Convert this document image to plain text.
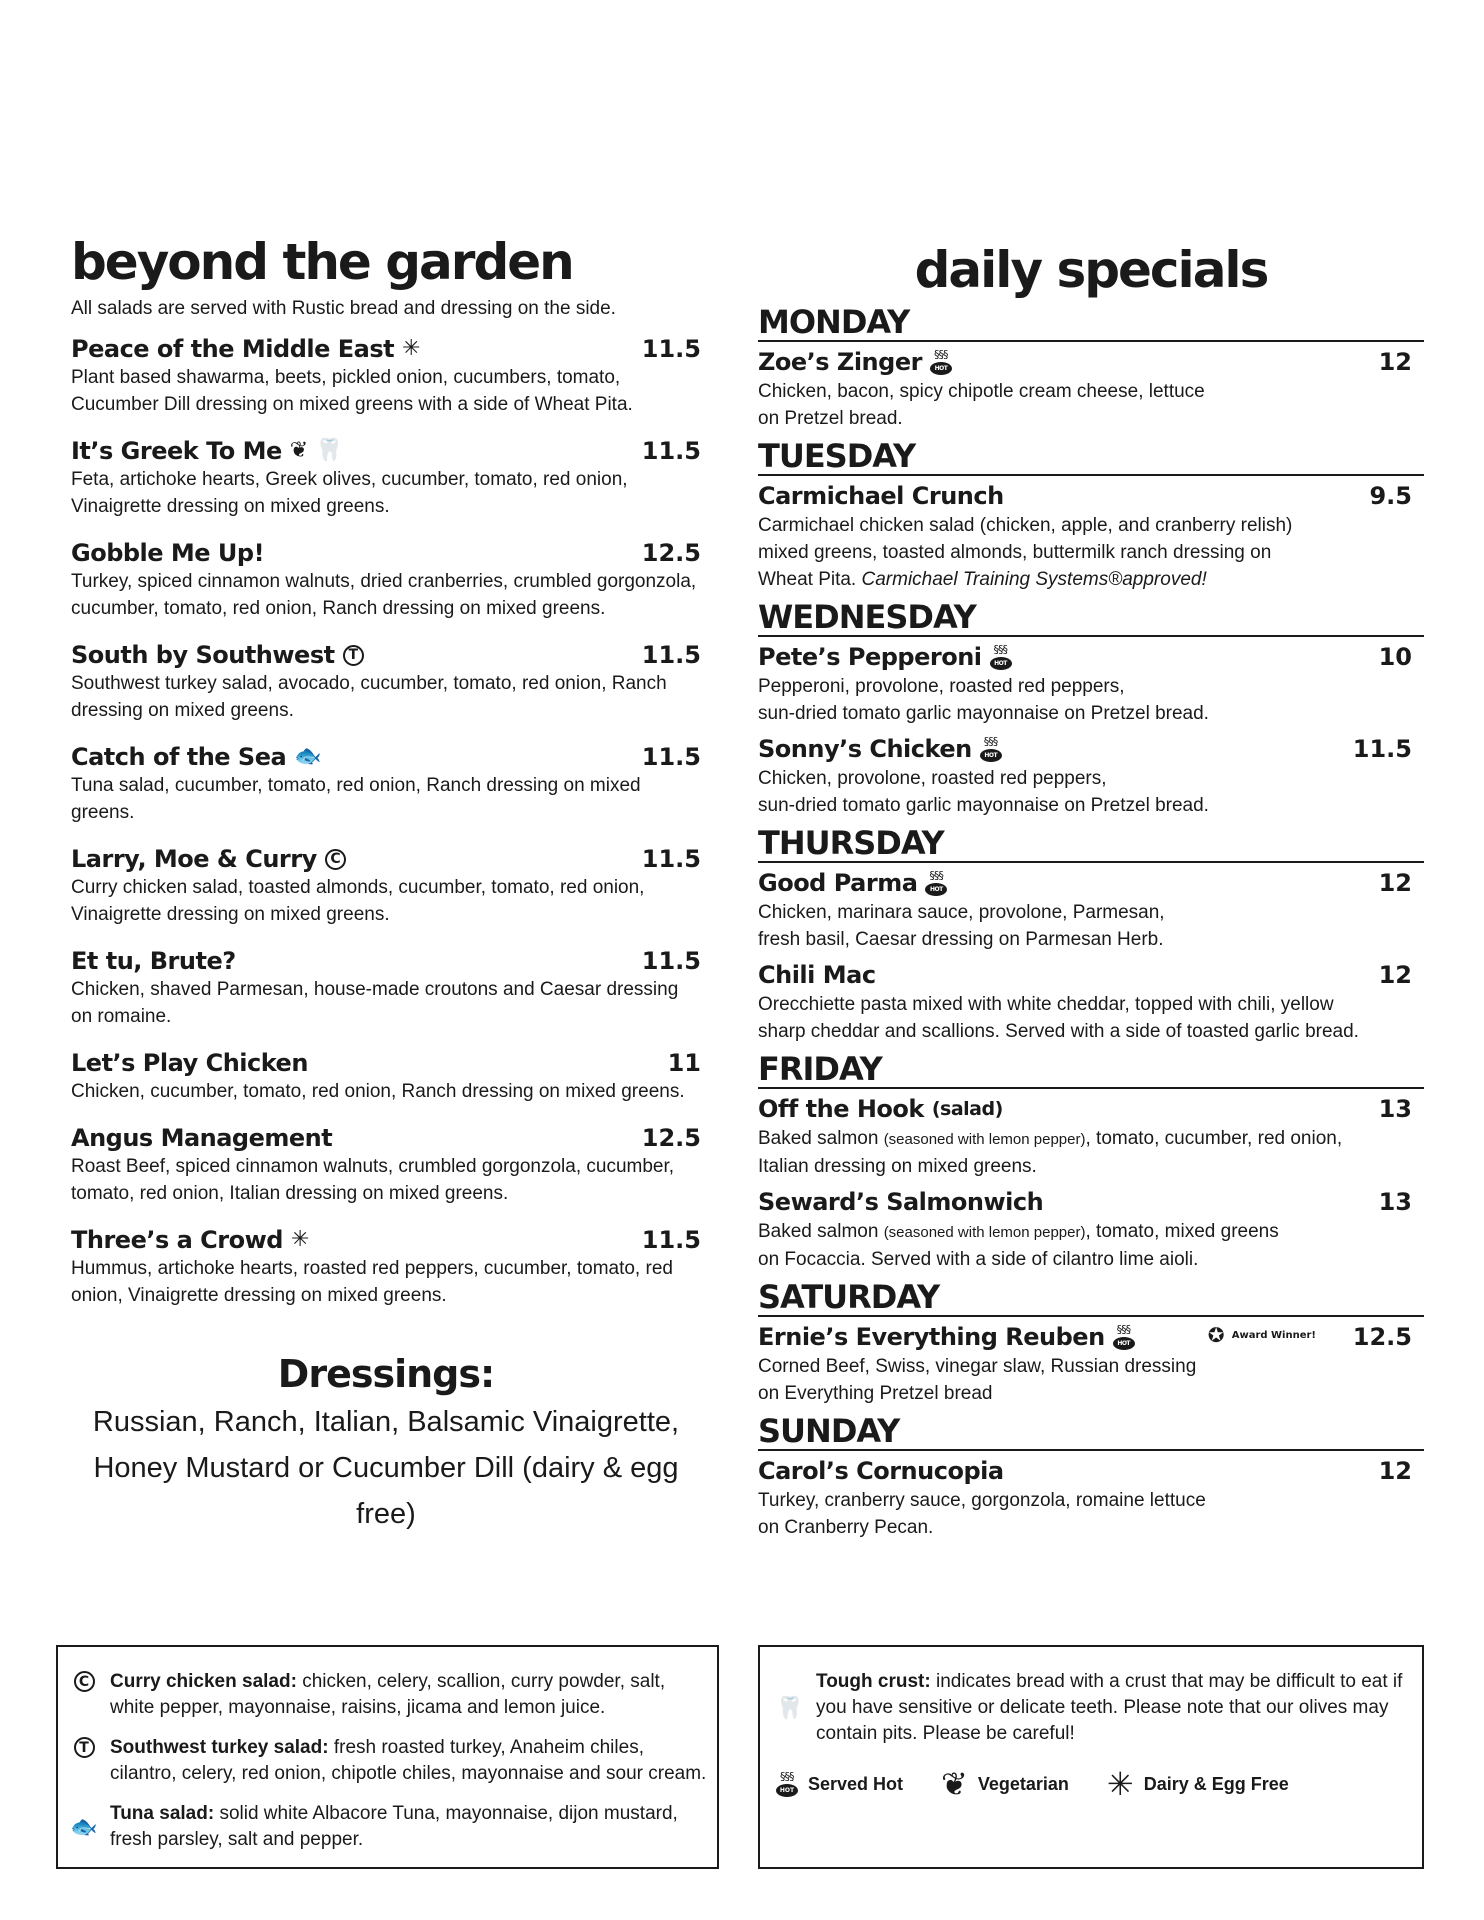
beyond the garden
All salads are served with Rustic bread and dressing on the side.
Peace of the Middle East ✳	11.5
Plant based shawarma, beets, pickled onion, cucumbers, tomato, Cucumber Dill dressing on mixed greens with a side of Wheat Pita.
It’s Greek To Me ❦ 🦷	11.5
Feta, artichoke hearts, Greek olives, cucumber, tomato, red onion, Vinaigrette dressing on mixed greens.
Gobble Me Up!	12.5
Turkey, spiced cinnamon walnuts, dried cranberries, crumbled gorgonzola, cucumber, tomato, red onion, Ranch dressing on mixed greens.
South by Southwest T	11.5
Southwest turkey salad, avocado, cucumber, tomato, red onion, Ranch dressing on mixed greens.
Catch of the Sea 🐟	11.5
Tuna salad, cucumber, tomato, red onion, Ranch dressing on mixed greens.
Larry, Moe & Curry C	11.5
Curry chicken salad, toasted almonds, cucumber, tomato, red onion, Vinaigrette dressing on mixed greens.
Et tu, Brute?	11.5
Chicken, shaved Parmesan, house-made croutons and Caesar dressing on romaine.
Let’s Play Chicken	11
Chicken, cucumber, tomato, red onion, Ranch dressing on mixed greens.
Angus Management	12.5
Roast Beef, spiced cinnamon walnuts, crumbled gorgonzola, cucumber, tomato, red onion, Italian dressing on mixed greens.
Three’s a Crowd ✳	11.5
Hummus, artichoke hearts, roasted red peppers, cucumber, tomato, red onion, Vinaigrette dressing on mixed greens.
Dressings:
Russian, Ranch, Italian, Balsamic Vinaigrette,
Honey Mustard or Cucumber Dill (dairy & egg free)
daily specials
MONDAY
Zoe’s Zinger §§§
HOT	12
Chicken, bacon, spicy chipotle cream cheese, lettuce
on Pretzel bread.
TUESDAY
Carmichael Crunch	9.5
Carmichael chicken salad (chicken, apple, and cranberry relish)
mixed greens, toasted almonds, buttermilk ranch dressing on
Wheat Pita. Carmichael Training Systems®approved!
WEDNESDAY
Pete’s Pepperoni §§§
HOT	10
Pepperoni, provolone, roasted red peppers,
sun-dried tomato garlic mayonnaise on Pretzel bread.
Sonny’s Chicken §§§
HOT	11.5
Chicken, provolone, roasted red peppers,
sun-dried tomato garlic mayonnaise on Pretzel bread.
THURSDAY
Good Parma §§§
HOT	12
Chicken, marinara sauce, provolone, Parmesan,
fresh basil, Caesar dressing on Parmesan Herb.
Chili Mac	12
Orecchiette pasta mixed with white cheddar, topped with chili, yellow
sharp cheddar and scallions. Served with a side of toasted garlic bread.
FRIDAY
Off the Hook (salad)	13
Baked salmon (seasoned with lemon pepper), tomato, cucumber, red onion,
Italian dressing on mixed greens.
Seward’s Salmonwich	13
Baked salmon (seasoned with lemon pepper), tomato, mixed greens
on Focaccia. Served with a side of cilantro lime aioli.
SATURDAY
Ernie’s Everything Reuben §§§
HOT	✪ Award Winner! 12.5
Corned Beef, Swiss, vinegar slaw, Russian dressing
on Everything Pretzel bread
SUNDAY
Carol’s Cornucopia	12
Turkey, cranberry sauce, gorgonzola, romaine lettuce
on Cranberry Pecan.
C Curry chicken salad: chicken, celery, scallion, curry powder, salt, white pepper, mayonnaise, raisins, jicama and lemon juice.
T	Southwest turkey salad: fresh roasted turkey, Anaheim chiles, cilantro, celery, red onion, chipotle chiles, mayonnaise and sour cream.
🐟
Tuna salad: solid white Albacore Tuna, mayonnaise, dijon mustard, fresh parsley, salt and pepper.
🦷
Tough crust: indicates bread with a crust that may be difficult to eat if you have sensitive or delicate teeth. Please note that our olives may contain pits. Please be careful!
§§§
HOT Served Hot ❦ Vegetarian ✳ Dairy & Egg Free
